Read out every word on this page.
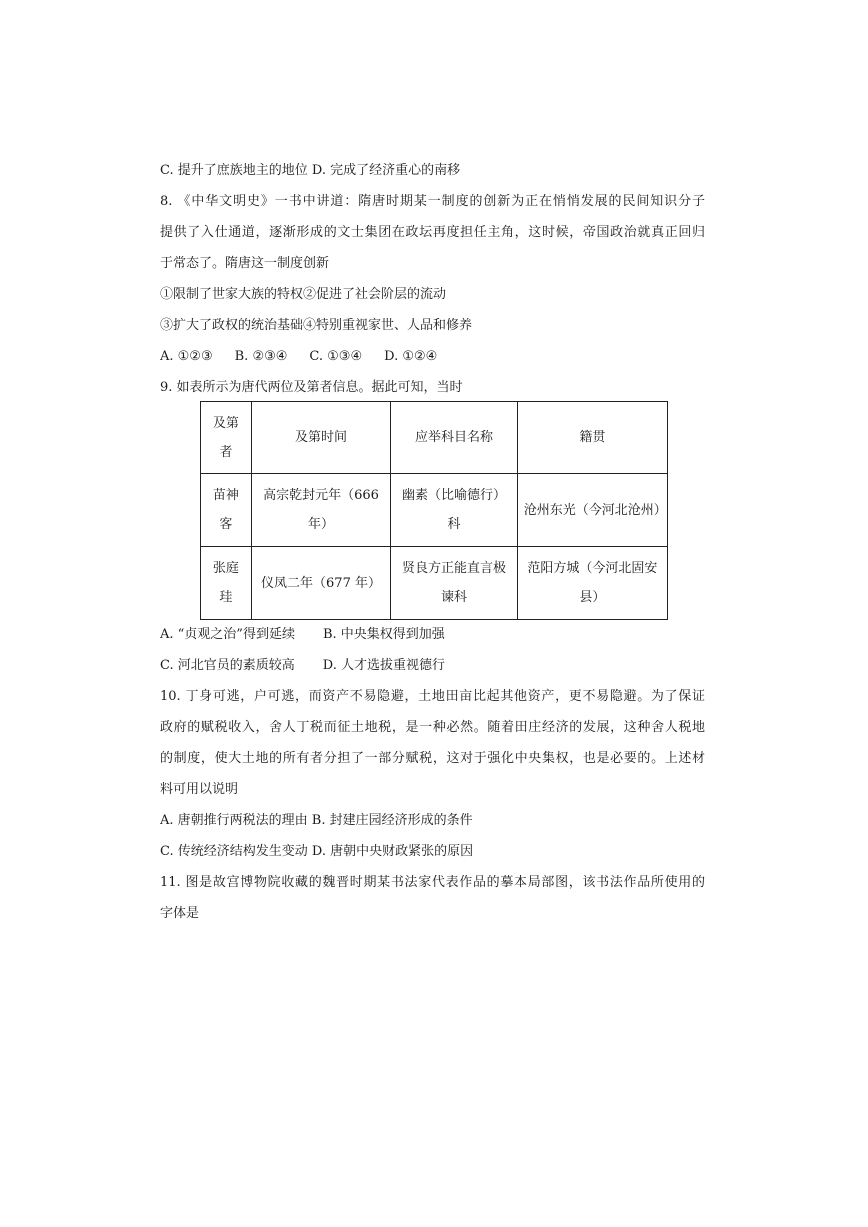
C. 提升了庶族地主的地位 D. 完成了经济重心的南移
8. 《中华文明史》一书中讲道：隋唐时期某一制度的创新为正在悄悄发展的民间知识分子
提供了入仕通道，逐渐形成的文士集团在政坛再度担任主角，这时候，帝国政治就真正回归
于常态了。隋唐这一制度创新
①限制了世家大族的特权②促进了社会阶层的流动
③扩大了政权的统治基础④特别重视家世、人品和修养
A. ①②③ B. ②③④ C. ①③④ D. ①②④
9. 如表所示为唐代两位及第者信息。据此可知，当时
及第者	及第时间	应举科目名称	籍贯
苗神客	高宗乾封元年（666年）	幽素（比喻德行）科	沧州东光（今河北沧州）
张庭珪	仪凤二年（677 年）	贤良方正能直言极谏科	范阳方城（今河北固安县）
A. “贞观之治”得到延续 B. 中央集权得到加强
C. 河北官员的素质较高 D. 人才选拔重视德行
10. 丁身可逃，户可逃，而资产不易隐避，土地田亩比起其他资产，更不易隐避。为了保证
政府的赋税收入，舍人丁税而征土地税，是一种必然。随着田庄经济的发展，这种舍人税地
的制度，使大土地的所有者分担了一部分赋税，这对于强化中央集权，也是必要的。上述材
料可用以说明
A. 唐朝推行两税法的理由 B. 封建庄园经济形成的条件
C. 传统经济结构发生变动 D. 唐朝中央财政紧张的原因
11. 图是故宫博物院收藏的魏晋时期某书法家代表作品的摹本局部图，该书法作品所使用的
字体是
